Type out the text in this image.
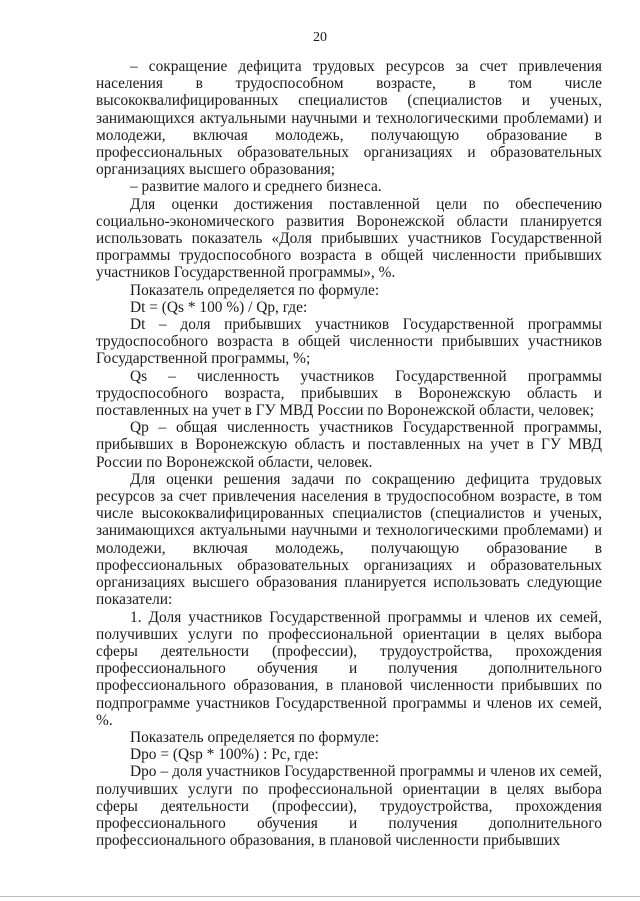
20

– сокращение дефицита трудовых ресурсов за счет привлечения населения в трудоспособном возрасте, в том числе высококвалифицированных специалистов (специалистов и ученых, занимающихся актуальными научными и технологическими проблемами) и молодежи, включая молодежь, получающую образование в профессиональных образовательных организациях и образовательных организациях высшего образования;

– развитие малого и среднего бизнеса.

Для оценки достижения поставленной цели по обеспечению социально-экономического развития Воронежской области планируется использовать показатель «Доля прибывших участников Государственной программы трудоспособного возраста в общей численности прибывших участников Государственной программы», %.

Показатель определяется по формуле:

Dt = (Qs * 100 %) / Qp, где:

Dt – доля прибывших участников Государственной программы трудоспособного возраста в общей численности прибывших участников Государственной программы, %;

Qs – численность участников Государственной программы трудоспособного возраста, прибывших в Воронежскую область и поставленных на учет в ГУ МВД России по Воронежской области, человек;

Qp – общая численность участников Государственной программы, прибывших в Воронежскую область и поставленных на учет в ГУ МВД России по Воронежской области, человек.

Для оценки решения задачи по сокращению дефицита трудовых ресурсов за счет привлечения населения в трудоспособном возрасте, в том числе высококвалифицированных специалистов (специалистов и ученых, занимающихся актуальными научными и технологическими проблемами) и молодежи, включая молодежь, получающую образование в профессиональных образовательных организациях и образовательных организациях высшего образования планируется использовать следующие показатели:

1. Доля участников Государственной программы и членов их семей, получивших услуги по профессиональной ориентации в целях выбора сферы деятельности (профессии), трудоустройства, прохождения профессионального обучения и получения дополнительного профессионального образования, в плановой численности прибывших по подпрограмме участников Государственной программы и членов их семей, %.

Показатель определяется по формуле:

Dpo = (Qsp * 100%) : Pc, где:

Dpo – доля участников Государственной программы и членов их семей, получивших услуги по профессиональной ориентации в целях выбора сферы деятельности (профессии), трудоустройства, прохождения профессионального обучения и получения дополнительного профессионального образования, в плановой численности прибывших
